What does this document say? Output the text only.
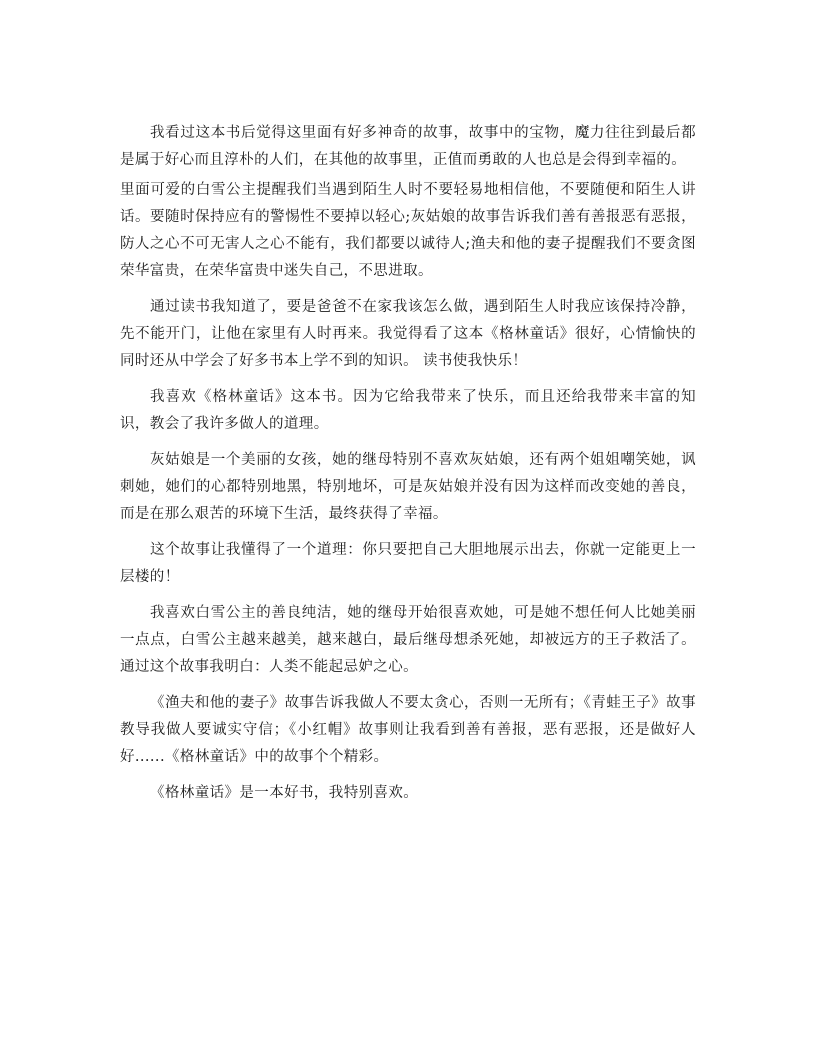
我看过这本书后觉得这里面有好多神奇的故事，故事中的宝物，魔力往往到最后都是属于好心而且淳朴的人们，在其他的故事里，正值而勇敢的人也总是会得到幸福的。

里面可爱的白雪公主提醒我们当遇到陌生人时不要轻易地相信他，不要随便和陌生人讲话。要随时保持应有的警惕性不要掉以轻心;灰姑娘的故事告诉我们善有善报恶有恶报，防人之心不可无害人之心不能有，我们都要以诚待人;渔夫和他的妻子提醒我们不要贪图荣华富贵，在荣华富贵中迷失自己，不思进取。

通过读书我知道了，要是爸爸不在家我该怎么做，遇到陌生人时我应该保持冷静，先不能开门，让他在家里有人时再来。我觉得看了这本《格林童话》很好，心情愉快的同时还从中学会了好多书本上学不到的知识。 读书使我快乐！

我喜欢《格林童话》这本书。因为它给我带来了快乐，而且还给我带来丰富的知识，教会了我许多做人的道理。

灰姑娘是一个美丽的女孩，她的继母特别不喜欢灰姑娘，还有两个姐姐嘲笑她，讽刺她，她们的心都特别地黑，特别地坏，可是灰姑娘并没有因为这样而改变她的善良，而是在那么艰苦的环境下生活，最终获得了幸福。

这个故事让我懂得了一个道理：你只要把自己大胆地展示出去，你就一定能更上一层楼的！

我喜欢白雪公主的善良纯洁，她的继母开始很喜欢她，可是她不想任何人比她美丽一点点，白雪公主越来越美，越来越白，最后继母想杀死她，却被远方的王子救活了。通过这个故事我明白：人类不能起忌妒之心。

《渔夫和他的妻子》故事告诉我做人不要太贪心，否则一无所有；《青蛙王子》故事教导我做人要诚实守信；《小红帽》故事则让我看到善有善报，恶有恶报，还是做好人好......《格林童话》中的故事个个精彩。

《格林童话》是一本好书，我特别喜欢。
